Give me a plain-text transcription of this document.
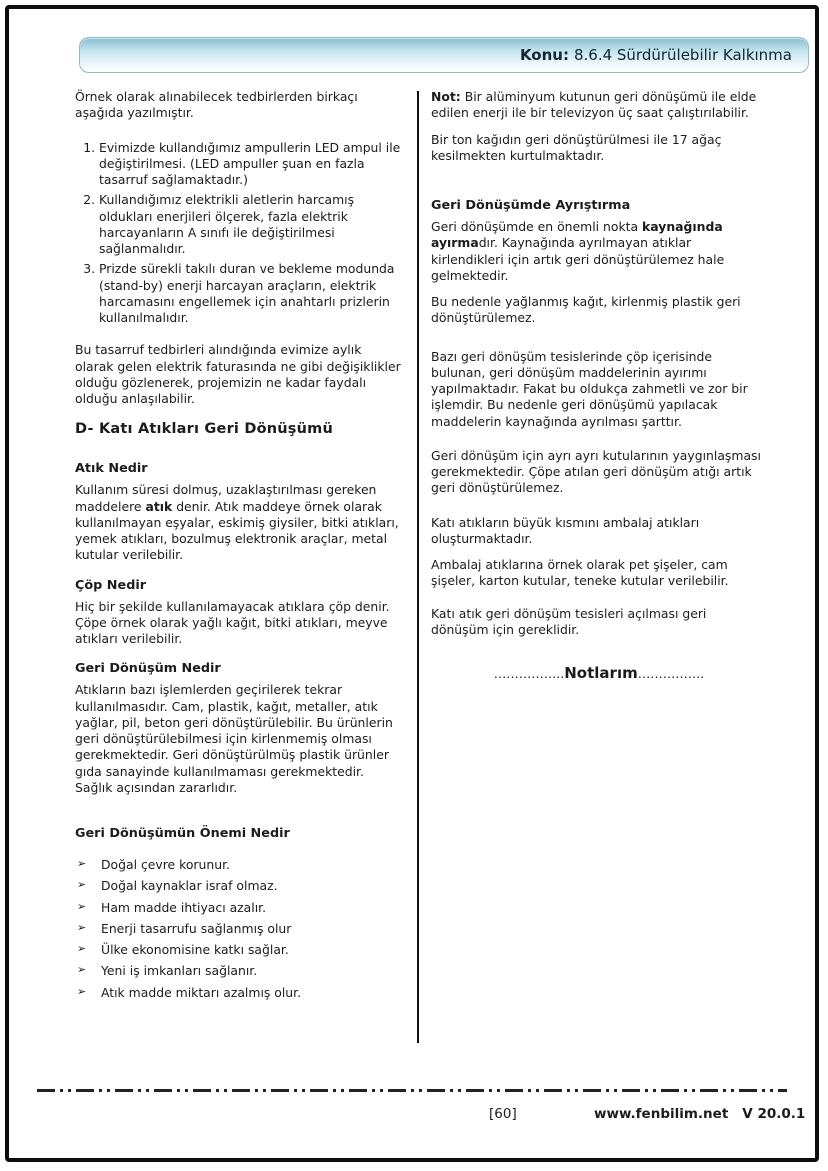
Konu: 8.6.4 Sürdürülebilir Kalkınma

Örnek olarak alınabilecek tedbirlerden birkaçı aşağıda yazılmıştır.

1. Evimizde kullandığımız ampullerin LED ampul ile değiştirilmesi. (LED ampuller şuan en fazla tasarruf sağlamaktadır.)
2. Kullandığımız elektrikli aletlerin harcamış oldukları enerjileri ölçerek, fazla elektrik harcayanların A sınıfı ile değiştirilmesi sağlanmalıdır.
3. Prizde sürekli takılı duran ve bekleme modunda (stand-by) enerji harcayan araçların, elektrik harcamasını engellemek için anahtarlı prizlerin kullanılmalıdır.

Bu tasarruf tedbirleri alındığında evimize aylık olarak gelen elektrik faturasında ne gibi değişiklikler olduğu gözlenerek, projemizin ne kadar faydalı olduğu anlaşılabilir.

D- Katı Atıkları Geri Dönüşümü
Atık Nedir

Kullanım süresi dolmuş, uzaklaştırılması gereken maddelere atık denir. Atık maddeye örnek olarak kullanılmayan eşyalar, eskimiş giysiler, bitki atıkları, yemek atıkları, bozulmuş elektronik araçlar, metal kutular verilebilir.

Çöp Nedir

Hiç bir şekilde kullanılamayacak atıklara çöp denir. Çöpe örnek olarak yağlı kağıt, bitki atıkları, meyve atıkları verilebilir.

Geri Dönüşüm Nedir

Atıkların bazı işlemlerden geçirilerek tekrar kullanılmasıdır. Cam, plastik, kağıt, metaller, atık yağlar, pil, beton geri dönüştürülebilir. Bu ürünlerin geri dönüştürülebilmesi için kirlenmemiş olması gerekmektedir. Geri dönüştürülmüş plastik ürünler gıda sanayinde kullanılmaması gerekmektedir. Sağlık açısından zararlıdır.

Geri Dönüşümün Önemi Nedir
➢ Doğal çevre korunur.
➢ Doğal kaynaklar israf olmaz.
➢ Ham madde ihtiyacı azalır.
➢ Enerji tasarrufu sağlanmış olur
➢ Ülke ekonomisine katkı sağlar.
➢ Yeni iş imkanları sağlanır.
➢ Atık madde miktarı azalmış olur.

Not: Bir alüminyum kutunun geri dönüşümü ile elde edilen enerji ile bir televizyon üç saat çalıştırılabilir.

Bir ton kağıdın geri dönüştürülmesi ile 17 ağaç kesilmekten kurtulmaktadır.

Geri Dönüşümde Ayrıştırma

Geri dönüşümde en önemli nokta kaynağında ayırmadır. Kaynağında ayrılmayan atıklar kirlendikleri için artık geri dönüştürülemez hale gelmektedir.

Bu nedenle yağlanmış kağıt, kirlenmiş plastik geri dönüştürülemez.

Bazı geri dönüşüm tesislerinde çöp içerisinde bulunan, geri dönüşüm maddelerinin ayırımı yapılmaktadır. Fakat bu oldukça zahmetli ve zor bir işlemdir. Bu nedenle geri dönüşümü yapılacak maddelerin kaynağında ayrılması şarttır.

Geri dönüşüm için ayrı ayrı kutularının yaygınlaşması gerekmektedir. Çöpe atılan geri dönüşüm atığı artık geri dönüştürülemez.

Katı atıkların büyük kısmını ambalaj atıkları oluşturmaktadır.

Ambalaj atıklarına örnek olarak pet şişeler, cam şişeler, karton kutular, teneke kutular verilebilir.

Katı atık geri dönüşüm tesisleri açılması geri dönüşüm için gereklidir.

……………..Notlarım…………….
[60]	www.fenbilim.net V 20.0.1
